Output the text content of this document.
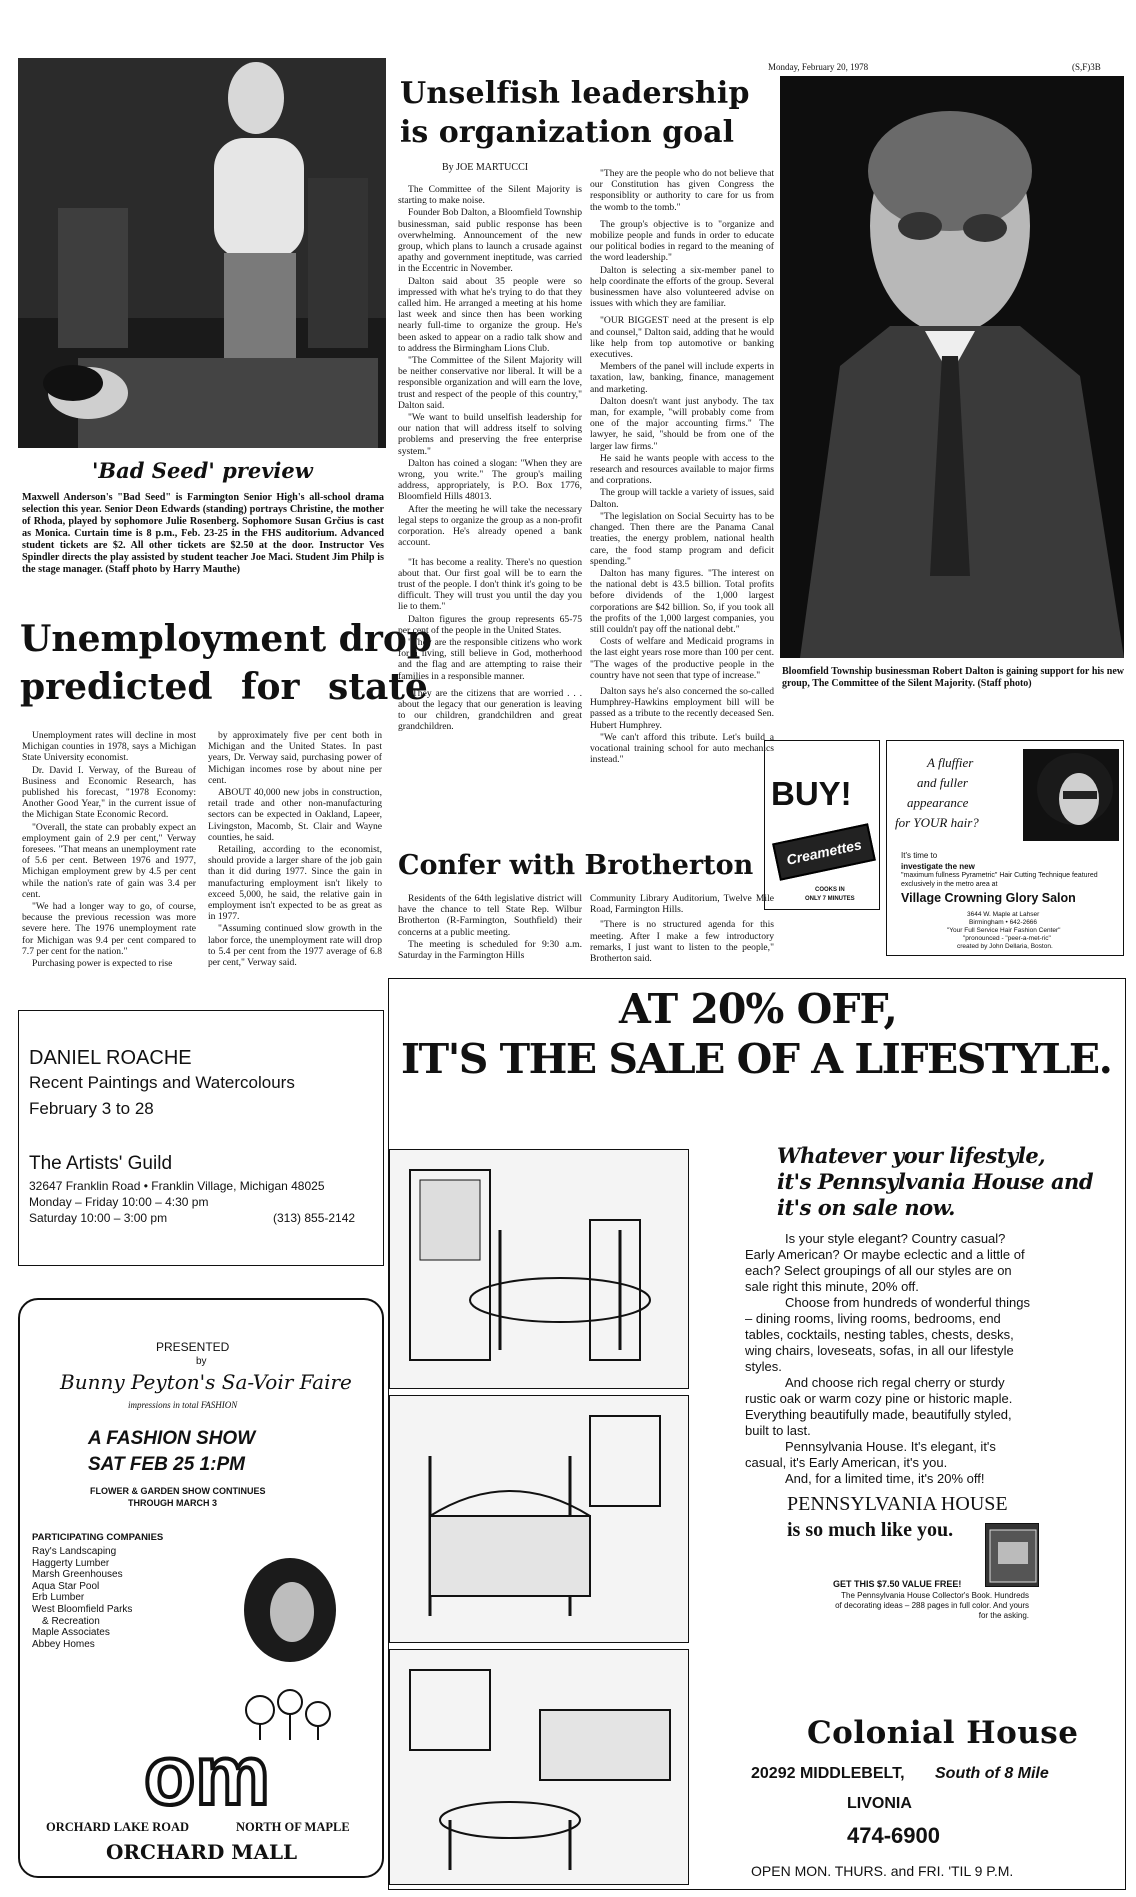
Monday, February 20, 1978	(S,F)3B
'Bad Seed' preview
Maxwell Anderson's "Bad Seed" is Farmington Senior High's all-school drama selection this year. Senior Deon Edwards (standing) portrays Christine, the mother of Rhoda, played by sophomore Julie Rosenberg. Sophomore Susan Grčius is cast as Monica. Curtain time is 8 p.m., Feb. 23-25 in the FHS auditorium. Advanced student tickets are $2. All other tickets are $2.50 at the door. Instructor Ves Spindler directs the play assisted by student teacher Joe Maci. Student Jim Philp is the stage manager. (Staff photo by Harry Mauthe)
Unselfish leadership
is organization goal
By JOE MARTUCCI

The Committee of the Silent Majority is starting to make noise.

Founder Bob Dalton, a Bloomfield Township businessman, said public response has been overwhelming. Announcement of the new group, which plans to launch a crusade against apathy and government ineptitude, was carried in the Eccentric in November.

Dalton said about 35 people were so impressed with what he's trying to do that they called him. He arranged a meeting at his home last week and since then has been working nearly full-time to organize the group. He's been asked to appear on a radio talk show and to address the Birmingham Lions Club.

"The Committee of the Silent Majority will be neither conservative nor liberal. It will be a responsible organization and will earn the love, trust and respect of the people of this country," Dalton said.

"We want to build unselfish leadership for our nation that will address itself to solving problems and preserving the free enterprise system."

Dalton has coined a slogan: "When they are wrong, you write." The group's mailing address, appropriately, is P.O. Box 1776, Bloomfield Hills 48013.

After the meeting he will take the necessary legal steps to organize the group as a non-profit corporation. He's already opened a bank account.

"It has become a reality. There's no question about that. Our first goal will be to earn the trust of the people. I don't think it's going to be difficult. They will trust you until the day you lie to them."

Dalton figures the group represents 65-75 per cent of the people in the United States.

"They are the responsible citizens who work for a living, still believe in God, motherhood and the flag and are attempting to raise their families in a responsible manner.

"They are the citizens that are worried . . . about the legacy that our generation is leaving to our children, grandchildren and great grandchildren.

"They are the people who do not believe that our Constitution has given Congress the responsiblity or authority to care for us from the womb to the tomb."

The group's objective is to "organize and mobilize people and funds in order to educate our political bodies in regard to the meaning of the word leadership."

Dalton is selecting a six-member panel to help coordinate the efforts of the group. Several businessmen have also volunteered advise on issues with which they are familiar.

"OUR BIGGEST need at the present is elp and counsel," Dalton said, adding that he would like help from top automotive or banking executives.

Members of the panel will include experts in taxation, law, banking, finance, management and marketing.

Dalton doesn't want just anybody. The tax man, for example, "will probably come from one of the major accounting firms." The lawyer, he said, "should be from one of the larger law firms."

He said he wants people with access to the research and resources available to major firms and corprations.

The group will tackle a variety of issues, said Dalton.

"The legislation on Social Secuirty has to be changed. Then there are the Panama Canal treaties, the energy problem, national health care, the food stamp program and deficit spending."

Dalton has many figures. "The interest on the national debt is 43.5 billion. Total profits before dividends of the 1,000 largest corporations are $42 billion. So, if you took all the profits of the 1,000 largest companies, you still couldn't pay off the national debt."

Costs of welfare and Medicaid programs in the last eight years rose more than 100 per cent. "The wages of the productive people in the country have not seen that type of increase."

Dalton says he's also concerned the so-called Humphrey-Hawkins employment bill will be passed as a tribute to the recently deceased Sen. Hubert Humphrey.

"We can't afford this tribute. Let's build a vocational training school for auto mechanics instead."

Bloomfield Township businessman Robert Dalton is gaining support for his new group, The Committee of the Silent Majority. (Staff photo)
Unemployment drop
predicted for state

Unemployment rates will decline in most Michigan counties in 1978, says a Michigan State University economist.

Dr. David I. Verway, of the Bureau of Business and Economic Research, has published his forecast, "1978 Economy: Another Good Year," in the current issue of the Michigan State Economic Record.

"Overall, the state can probably expect an employment gain of 2.9 per cent," Verway foresees. "That means an unemployment rate of 5.6 per cent. Between 1976 and 1977, Michigan employment grew by 4.5 per cent while the nation's rate of gain was 3.4 per cent.

"We had a longer way to go, of course, because the previous recession was more severe here. The 1976 unemployment rate for Michigan was 9.4 per cent compared to 7.7 per cent for the nation."

Purchasing power is expected to rise

by approximately five per cent both in Michigan and the United States. In past years, Dr. Verway said, purchasing power of Michigan incomes rose by about nine per cent.

ABOUT 40,000 new jobs in construction, retail trade and other non-manufacturing sectors can be expected in Oakland, Lapeer, Livingston, Macomb, St. Clair and Wayne counties, he said.

Retailing, according to the economist, should provide a larger share of the job gain than it did during 1977. Since the gain in manufacturing employment isn't likely to exceed 5,000, he said, the relative gain in employment isn't expected to be as great as in 1977.

"Assuming continued slow growth in the labor force, the unemployment rate will drop to 5.4 per cent from the 1977 average of 6.8 per cent," Verway said.

Confer with Brotherton

Residents of the 64th legislative district will have the chance to tell State Rep. Wilbur Brotherton (R-Farmington, Southfield) their concerns at a public meeting.

The meeting is scheduled for 9:30 a.m. Saturday in the Farmington Hills

Community Library Auditorium, Twelve Mile Road, Farmington Hills.

"There is no structured agenda for this meeting. After I make a few introductory remarks, I just want to listen to the people," Brotherton said.

BUY!
Creamettes
COOKS IN
ONLY 7 MINUTES
A fluffier
and fuller
appearance
for YOUR hair?
It's time to
investigate the new
"maximum fullness Pyrametric" Hair Cutting Technique featured exclusively in the metro area at
Village Crowning Glory Salon
3644 W. Maple at Lahser
Birmingham • 642-2666
"Your Full Service Hair Fashion Center"
"pronounced - "peer-a-met-ric"
created by John Dellaria, Boston.
DANIEL ROACHE
Recent Paintings and Watercolours
February 3 to 28
The Artists' Guild
32647 Franklin Road • Franklin Village, Michigan 48025
Monday – Friday 10:00 – 4:30 pm
Saturday 10:00 – 3:00 pm	(313) 855-2142
PRESENTED
by
Bunny Peyton's Sa-Voir Faire
impressions in total FASHION
A FASHION SHOW
SAT FEB 25 1:PM
FLOWER & GARDEN SHOW CONTINUES
THROUGH MARCH 3
PARTICIPATING COMPANIES
Ray's Landscaping
Haggerty Lumber
Marsh Greenhouses
Aqua Star Pool
Erb Lumber
West Bloomfield Parks
& Recreation
Maple Associates
Abbey Homes
om
ORCHARD LAKE ROAD	NORTH OF MAPLE
ORCHARD MALL
AT 20% OFF,
IT'S THE SALE OF A LIFESTYLE.
Whatever your lifestyle,
it's Pennsylvania House and
it's on sale now.

Is your style elegant? Country casual? Early American? Or maybe eclectic and a little of each? Select groupings of all our styles are on sale right this minute, 20% off.

Choose from hundreds of wonderful things – dining rooms, living rooms, bedrooms, end tables, cocktails, nesting tables, chests, desks, wing chairs, loveseats, sofas, in all our lifestyle styles.

And choose rich regal cherry or sturdy rustic oak or warm cozy pine or historic maple. Everything beautifully made, beautifully styled, built to last.

Pennsylvania House. It's elegant, it's casual, it's Early American, it's you.

And, for a limited time, it's 20% off!

PENNSYLVANIA HOUSE
is so much like you.
GET THIS $7.50 VALUE FREE!
The Pennsylvania House Collector's Book. Hundreds of decorating ideas – 288 pages in full color. And yours for the asking.
Colonial House
20292 MIDDLEBELT, South of 8 Mile
LIVONIA
474-6900
OPEN MON. THURS. and FRI. 'TIL 9 P.M.
